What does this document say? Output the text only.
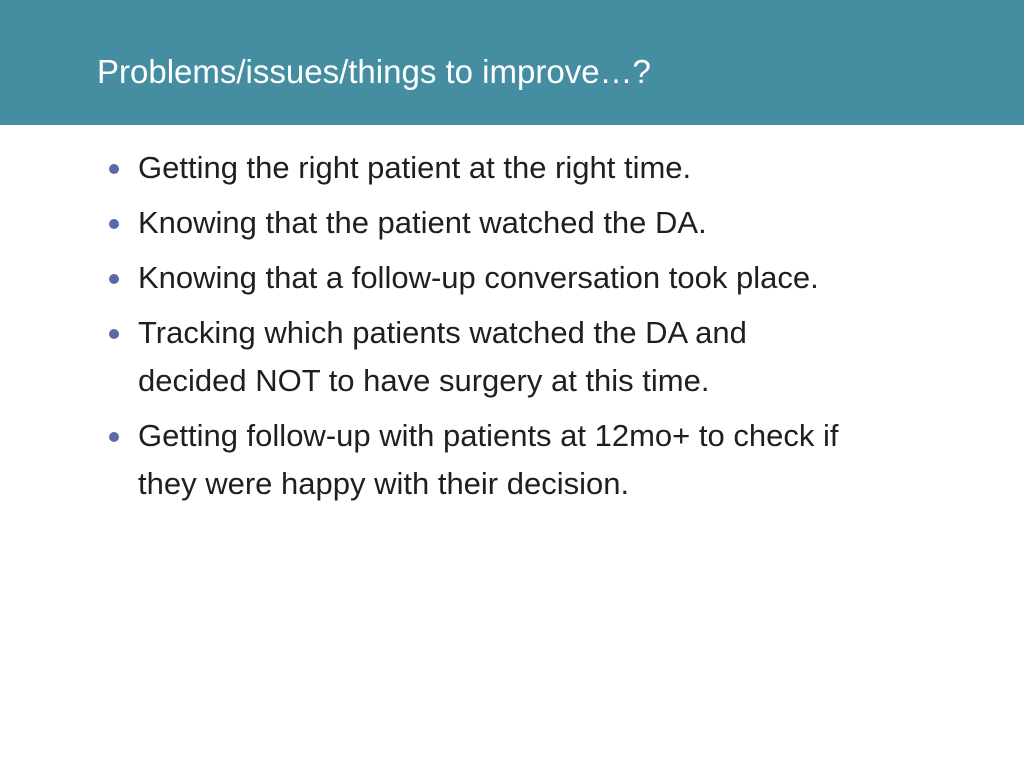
Problems/issues/things to improve…?
Getting the right patient at the right time.
Knowing that the patient watched the DA.
Knowing that a follow-up conversation took place.
Tracking which patients watched the DA and decided NOT to have surgery at this time.
Getting follow-up with patients at 12mo+ to check if they were happy with their decision.
